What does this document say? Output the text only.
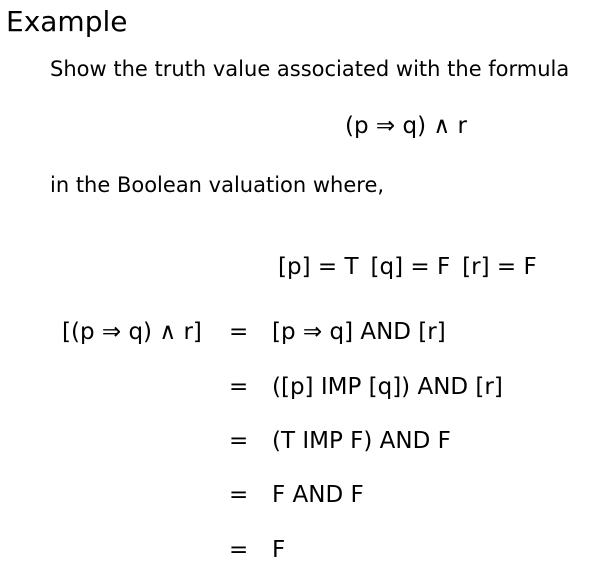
Example
Show the truth value associated with the formula
(p ⇒ q) ∧ r
in the Boolean valuation where,
[p] = T [q] = F [r] = F
[(p ⇒ q) ∧ r] = [p ⇒ q] AND [r]
= ([p] IMP [q]) AND [r]
= (T IMP F) AND F
= F AND F
= F
